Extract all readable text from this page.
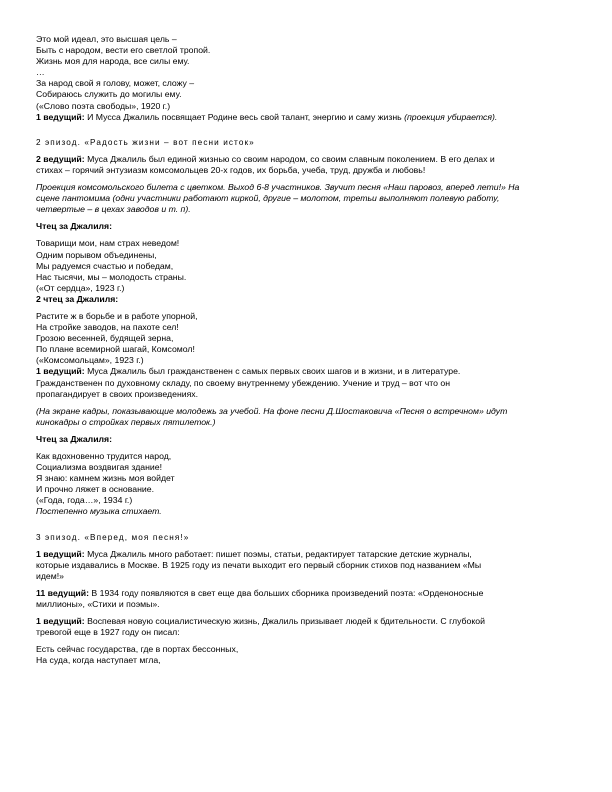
Это мой идеал, это высшая цель –
Быть с народом, вести его светлой тропой.
Жизнь моя для народа, все силы ему.
…
За народ свой я голову, может, сложу –
Собираюсь служить до могилы ему.
(«Слово поэта свободы», 1920 г.)
1 ведущий: И Мусса Джалиль посвящает Родине весь свой талант, энергию и саму жизнь (проекция убирается).
2 эпизод. «Радость жизни – вот песни исток»
2 ведущий: Муса Джалиль был единой жизнью со своим народом, со своим славным поколением. В его делах и
стихах – горячий энтузиазм комсомольцев 20-х годов, их борьба, учеба, труд, дружба и любовь!
Проекция комсомольского билета с цветком. Выход 6-8 участников. Звучит песня «Наш паровоз, вперед лети!» На
сцене пантомима (одни участники работают киркой, другие – молотом, третьи выполняют полевую работу,
четвертые – в цехах заводов и т. п).
Чтец за Джалиля:
Товарищи мои, нам страх неведом!
Одним порывом объединены,
Мы радуемся счастью и победам,
Нас тысячи, мы – молодость страны.
(«От сердца», 1923 г.)
2 чтец за Джалиля:
Растите ж в борьбе и в работе упорной,
На стройке заводов, на пахоте сел!
Грозою весенней, будящей зерна,
По плане всемирной шагай, Комсомол!
(«Комсомольцам», 1923 г.)
1 ведущий: Муса Джалиль был гражданственен с самых первых своих шагов и в жизни, и в литературе.
Гражданственен по духовному складу, по своему внутреннему убеждению. Учение и труд – вот что он
пропагандирует в своих произведениях.
(На экране кадры, показывающие молодежь за учебой. На фоне песни Д.Шостаковича «Песня о встречном» идут
кинокадры о стройках первых пятилеток.)
Чтец за Джалиля:
Как вдохновенно трудится народ,
Социализма воздвигая здание!
Я знаю: камнем жизнь моя войдет
И прочно ляжет в основание.
(«Года, года…», 1934 г.)
Постепенно музыка стихает.
3 эпизод. «Вперед, моя песня!»
1 ведущий: Муса Джалиль много работает: пишет поэмы, статьи, редактирует татарские детские журналы,
которые издавались в Москве. В 1925 году из печати выходит его первый сборник стихов под названием «Мы
идем!»
11 ведущий: В 1934 году появляются в свет еще два больших сборника произведений поэта: «Орденоносные
миллионы», «Стихи и поэмы».
1 ведущий: Воспевая новую социалистическую жизнь, Джалиль призывает людей к бдительности. С глубокой
тревогой еще в 1927 году он писал:
Есть сейчас государства, где в портах бессонных,
На суда, когда наступает мгла,
